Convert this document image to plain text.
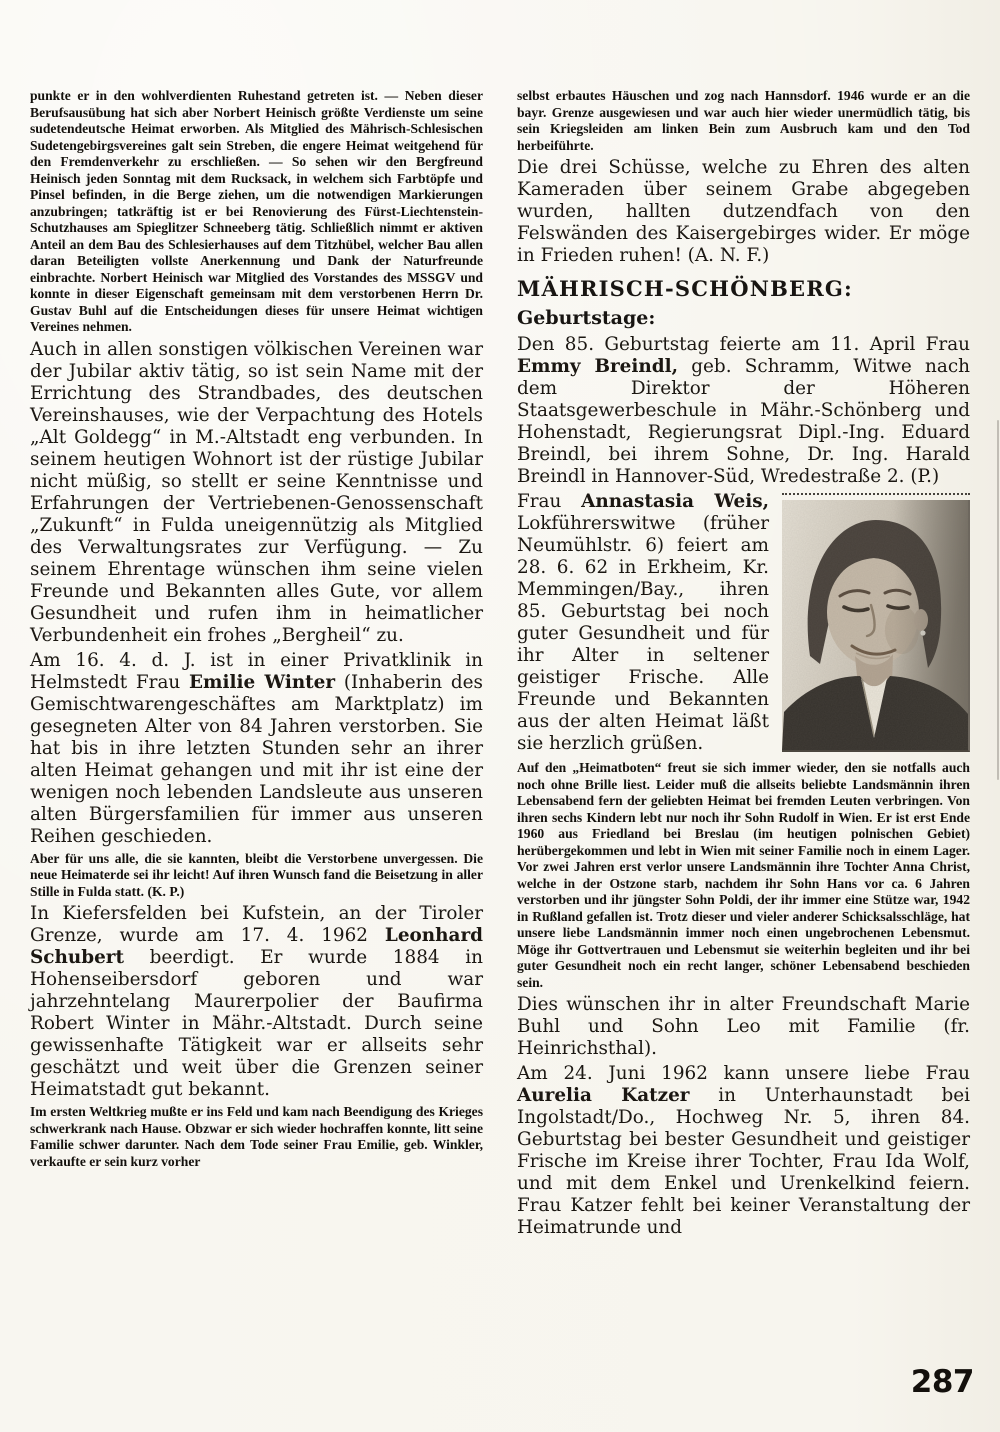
punkte er in den wohlverdienten Ruhestand getreten ist. — Neben dieser Berufsausübung hat sich aber Norbert Heinisch größte Verdienste um seine sudetendeutsche Heimat erworben. Als Mitglied des Mährisch-Schlesischen Sudetengebirgsvereines galt sein Streben, die engere Heimat weitgehend für den Fremdenverkehr zu erschließen. — So sehen wir den Bergfreund Heinisch jeden Sonntag mit dem Rucksack, in welchem sich Farbtöpfe und Pinsel befinden, in die Berge ziehen, um die notwendigen Markierungen anzubringen; tatkräftig ist er bei Renovierung des Fürst-Liechtenstein-Schutzhauses am Spieglitzer Schneeberg tätig. Schließlich nimmt er aktiven Anteil an dem Bau des Schlesierhauses auf dem Titzhübel, welcher Bau allen daran Beteiligten vollste Anerkennung und Dank der Naturfreunde einbrachte. Norbert Heinisch war Mitglied des Vorstandes des MSSGV und konnte in dieser Eigenschaft gemeinsam mit dem verstorbenen Herrn Dr. Gustav Buhl auf die Entscheidungen dieses für unsere Heimat wichtigen Vereines nehmen.

Auch in allen sonstigen völkischen Vereinen war der Jubilar aktiv tätig, so ist sein Name mit der Errichtung des Strandbades, des deutschen Vereinshauses, wie der Verpachtung des Hotels „Alt Goldegg“ in M.-Altstadt eng verbunden. In seinem heutigen Wohnort ist der rüstige Jubilar nicht müßig, so stellt er seine Kenntnisse und Erfahrungen der Vertriebenen-Genossenschaft „Zukunft“ in Fulda uneigennützig als Mitglied des Verwaltungsrates zur Verfügung. — Zu seinem Ehrentage wünschen ihm seine vielen Freunde und Bekannten alles Gute, vor allem Gesundheit und rufen ihm in heimatlicher Verbundenheit ein frohes „Bergheil“ zu.

Am 16. 4. d. J. ist in einer Privatklinik in Helmstedt Frau Emilie Winter (Inhaberin des Gemischtwarengeschäftes am Marktplatz) im gesegneten Alter von 84 Jahren verstorben. Sie hat bis in ihre letzten Stunden sehr an ihrer alten Heimat gehangen und mit ihr ist eine der wenigen noch lebenden Landsleute aus unseren alten Bürgersfamilien für immer aus unseren Reihen geschieden.

Aber für uns alle, die sie kannten, bleibt die Verstorbene unvergessen. Die neue Heimaterde sei ihr leicht! Auf ihren Wunsch fand die Beisetzung in aller Stille in Fulda statt. (K. P.)

In Kiefersfelden bei Kufstein, an der Tiroler Grenze, wurde am 17. 4. 1962 Leonhard Schubert beerdigt. Er wurde 1884 in Hohenseibersdorf geboren und war jahrzehntelang Maurerpolier der Baufirma Robert Winter in Mähr.-Altstadt. Durch seine gewissenhafte Tätigkeit war er allseits sehr geschätzt und weit über die Grenzen seiner Heimatstadt gut bekannt.

Im ersten Weltkrieg mußte er ins Feld und kam nach Beendigung des Krieges schwerkrank nach Hause. Obzwar er sich wieder hochraffen konnte, litt seine Familie schwer darunter. Nach dem Tode seiner Frau Emilie, geb. Winkler, verkaufte er sein kurz vorher

selbst erbautes Häuschen und zog nach Hannsdorf. 1946 wurde er an die bayr. Grenze ausgewiesen und war auch hier wieder unermüdlich tätig, bis sein Kriegsleiden am linken Bein zum Ausbruch kam und den Tod herbeiführte.

Die drei Schüsse, welche zu Ehren des alten Kameraden über seinem Grabe abgegeben wurden, hallten dutzendfach von den Felswänden des Kaisergebirges wider. Er möge in Frieden ruhen! (A. N. F.)

MÄHRISCH-SCHÖNBERG:

Geburtstage:

Den 85. Geburtstag feierte am 11. April Frau Emmy Breindl, geb. Schramm, Witwe nach dem Direktor der Höheren Staatsgewerbeschule in Mähr.-Schönberg und Hohenstadt, Regierungsrat Dipl.-Ing. Eduard Breindl, bei ihrem Sohne, Dr. Ing. Harald Breindl in Hannover-Süd, Wredestraße 2. (P.)

Frau Annastasia Weis, Lokführerswitwe (früher Neumühlstr. 6) feiert am 28. 6. 62 in Erkheim, Kr. Memmingen/Bay., ihren 85. Geburtstag bei noch guter Gesundheit und für ihr Alter in seltener geistiger Frische. Alle Freunde und Bekannten aus der alten Heimat läßt sie herzlich grüßen.

Auf den „Heimatboten“ freut sie sich immer wieder, den sie notfalls auch noch ohne Brille liest. Leider muß die allseits beliebte Landsmännin ihren Lebensabend fern der geliebten Heimat bei fremden Leuten verbringen. Von ihren sechs Kindern lebt nur noch ihr Sohn Rudolf in Wien. Er ist erst Ende 1960 aus Friedland bei Breslau (im heutigen polnischen Gebiet) herübergekommen und lebt in Wien mit seiner Familie noch in einem Lager. Vor zwei Jahren erst verlor unsere Landsmännin ihre Tochter Anna Christ, welche in der Ostzone starb, nachdem ihr Sohn Hans vor ca. 6 Jahren verstorben und ihr jüngster Sohn Poldi, der ihr immer eine Stütze war, 1942 in Rußland gefallen ist. Trotz dieser und vieler anderer Schicksalsschläge, hat unsere liebe Landsmännin immer noch einen ungebrochenen Lebensmut. Möge ihr Gottvertrauen und Lebensmut sie weiterhin begleiten und ihr bei guter Gesundheit noch ein recht langer, schöner Lebensabend beschieden sein.

Dies wünschen ihr in alter Freundschaft Marie Buhl und Sohn Leo mit Familie (fr. Heinrichsthal).

Am 24. Juni 1962 kann unsere liebe Frau Aurelia Katzer in Unterhaunstadt bei Ingolstadt/Do., Hochweg Nr. 5, ihren 84. Geburtstag bei bester Gesundheit und geistiger Frische im Kreise ihrer Tochter, Frau Ida Wolf, und mit dem Enkel und Urenkelkind feiern. Frau Katzer fehlt bei keiner Veranstaltung der Heimatrunde und

287
